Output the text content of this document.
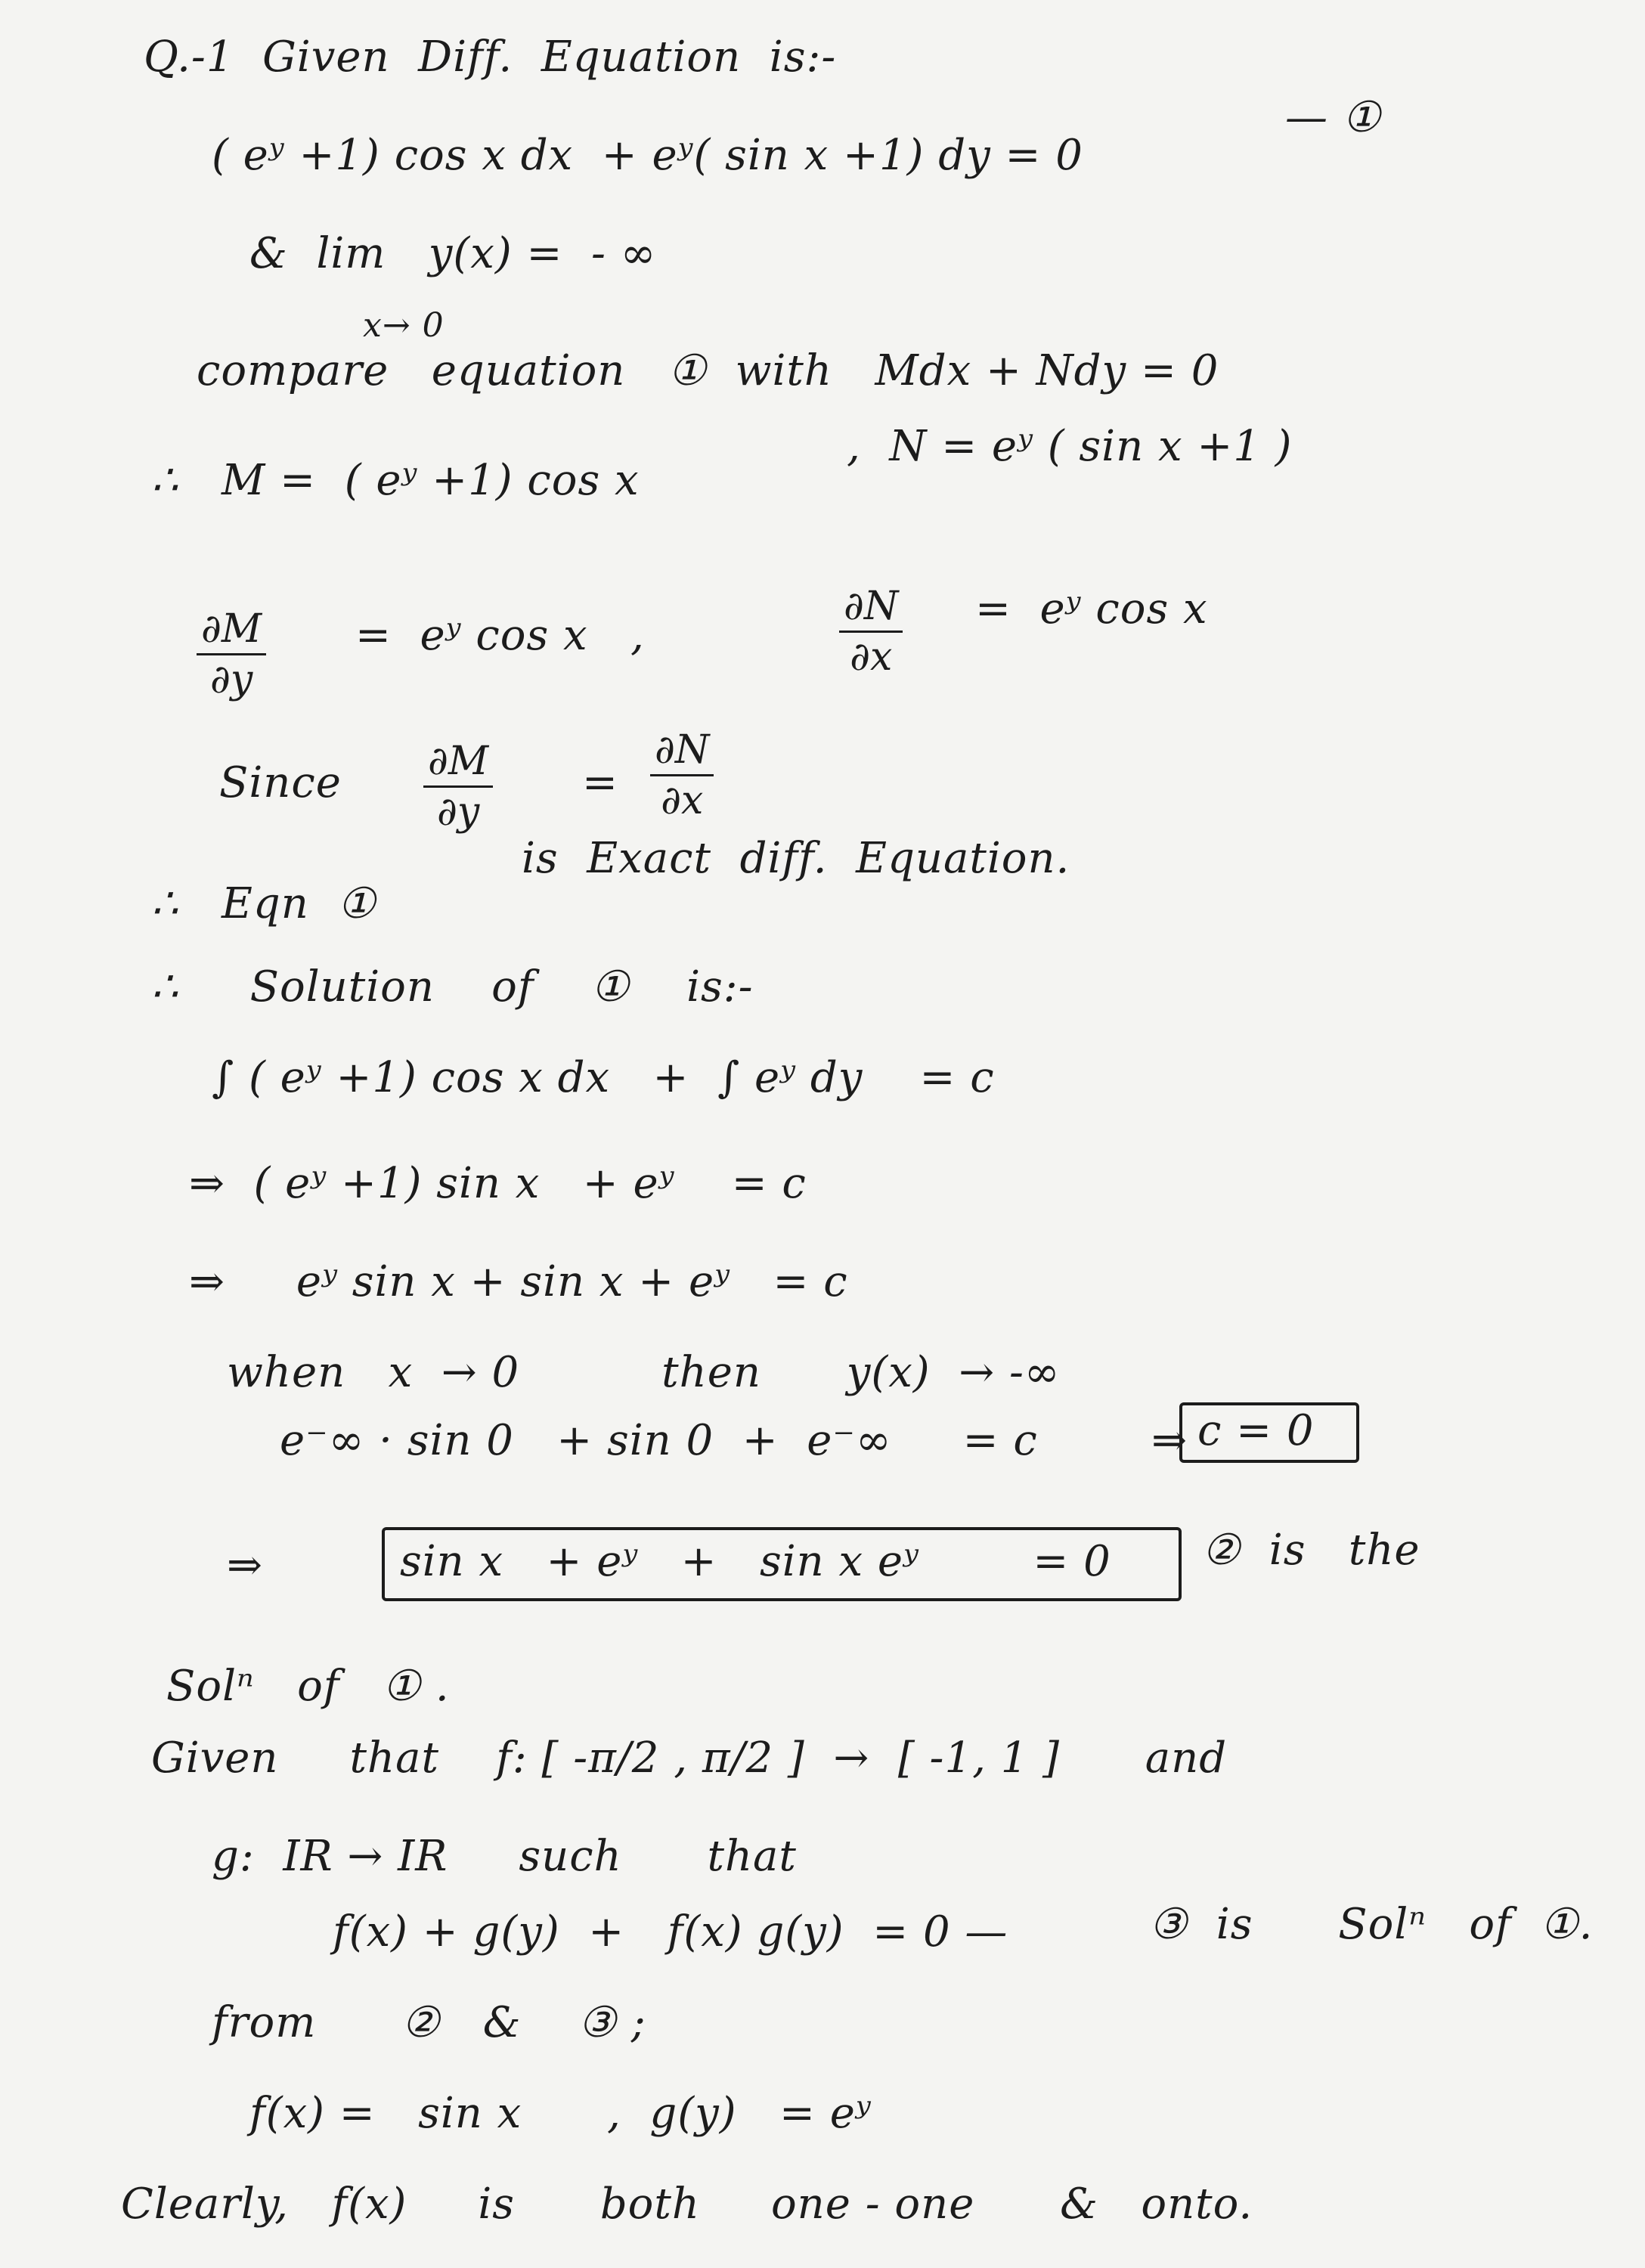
Q.-1  Given  Diff.  Equation  is:-
( eʸ +1) cos x dx  + eʸ( sin x +1) dy = 0
— ①
&  lim   y(x) =  - ∞
x→ 0
compare   equation   ①  with   Mdx + Ndy = 0
∴   M =  ( eʸ +1) cos x
,  N = eʸ ( sin x +1 )
$\frac{\partial M}{\partial y}$ =  eʸ cos x   ,	$\frac{\partial N}{\partial x}$ =  eʸ cos x
Since $\frac{\partial M}{\partial y} = \frac{\partial N}{\partial x}$
∴   Eqn  ①
is  Exact  diff.  Equation.
∴     Solution    of    ①    is:-
∫ ( eʸ +1) cos x dx   +  ∫ eʸ dy    = c
⇒  ( eʸ +1) sin x   + eʸ    = c
⇒     eʸ sin x + sin x + eʸ   = c
when   x  → 0          then      y(x)  → -∞
e⁻∞ · sin 0   + sin 0  +  e⁻∞     = c        ⇒ c = 0
⇒	sin x   + eʸ   +   sin x eʸ        = 0 ②  is   the
Solⁿ   of   ① .
Given     that    f: [ -π/2 , π/2 ]  →  [ -1, 1 ]      and
g:  IR → IR     such      that
f(x) + g(y)  +   f(x) g(y)  = 0 —	③  is      Solⁿ   of  ①.
from      ②   &    ③ ;
f(x) =   sin x      ,  g(y)   = eʸ
Clearly,   f(x)     is      both     one - one      &   onto.
